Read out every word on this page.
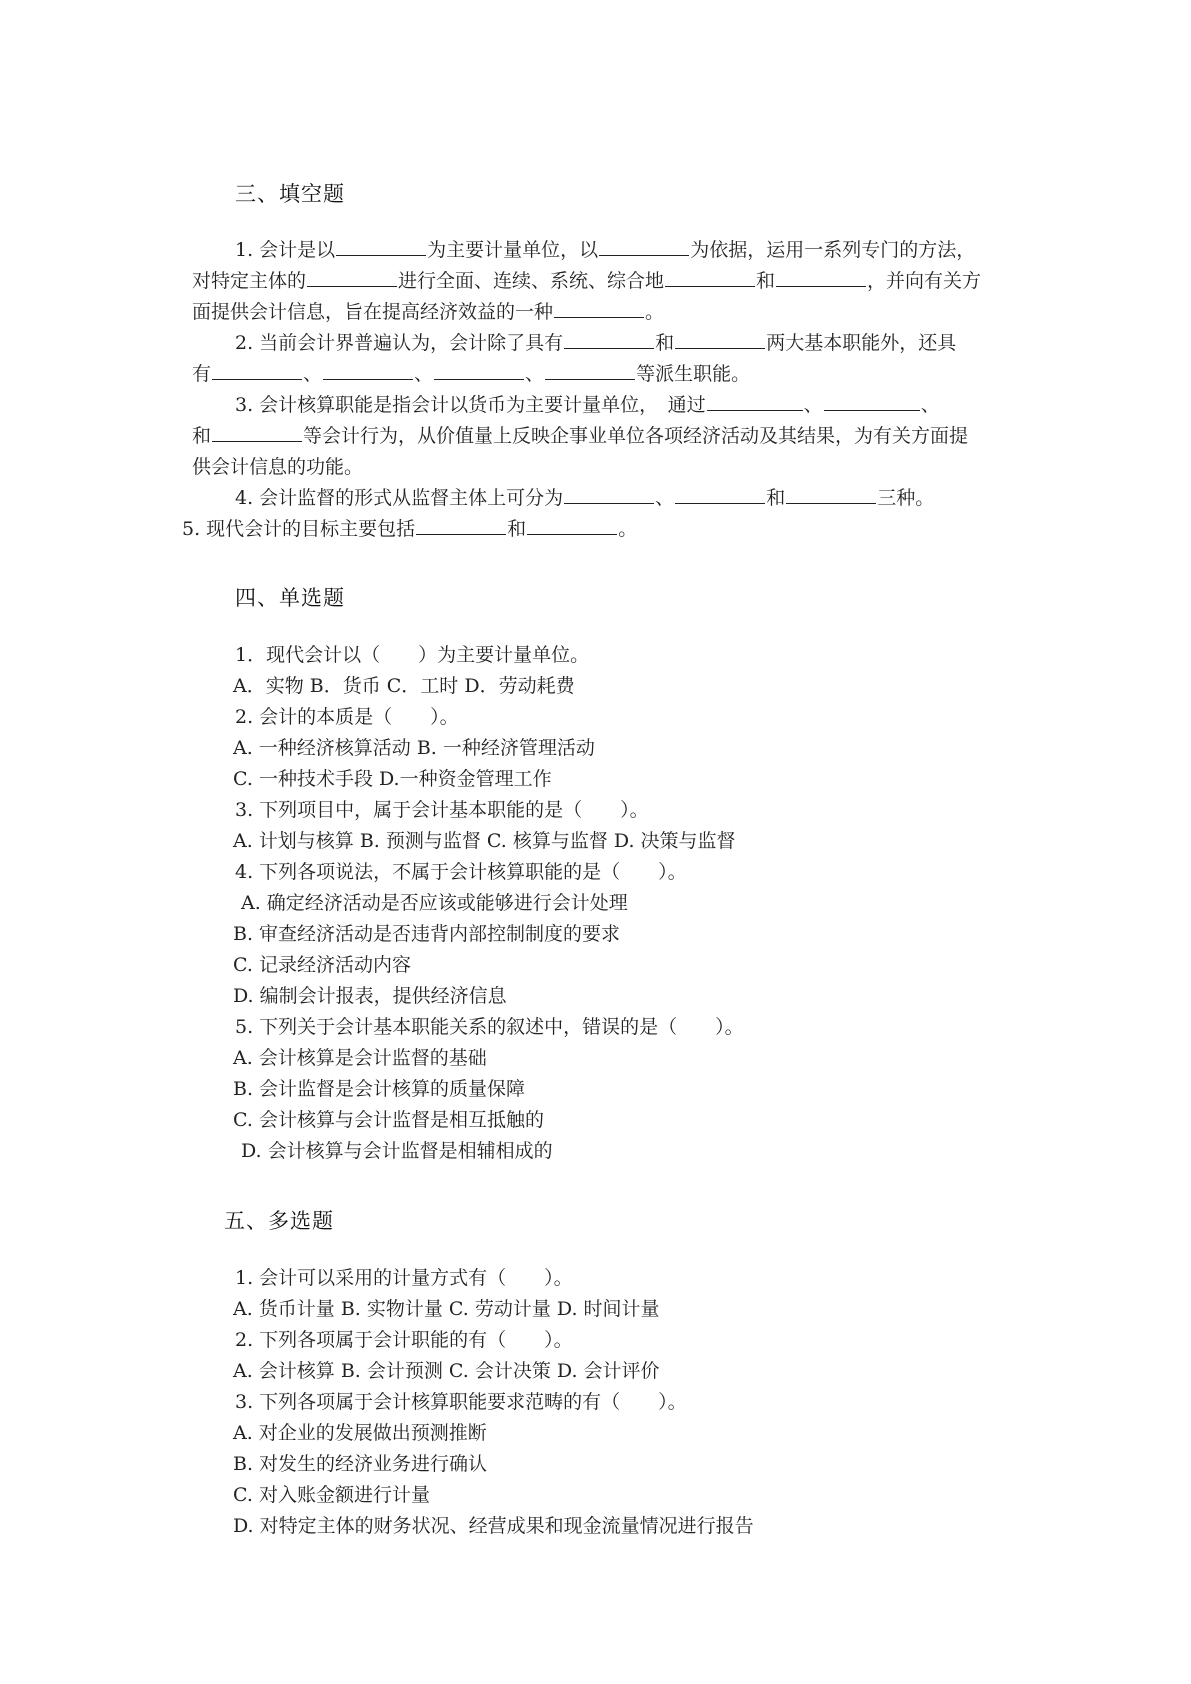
三、填空题
1. 会计是以	为主要计量单位，以	为依据，运用一系列专门的方法，
对特定主体的	进行全面、连续、系统、综合地	和	，并向有关方
面提供会计信息，旨在提高经济效益的一种	。
2. 当前会计界普遍认为，会计除了具有	和	两大基本职能外，还具
有	、	、	、	等派生职能。
3. 会计核算职能是指会计以货币为主要计量单位，　通过	、	、
和	等会计行为，从价值量上反映企事业单位各项经济活动及其结果，为有关方面提
供会计信息的功能。
4. 会计监督的形式从监督主体上可分为	、	和	三种。
5. 现代会计的目标主要包括	和	。
四、单选题
1．现代会计以（　　）为主要计量单位。
A．实物 B．货币 C．工时 D．劳动耗费
2. 会计的本质是（　　）。
A. 一种经济核算活动 B. 一种经济管理活动
C. 一种技术手段 D.一种资金管理工作
3. 下列项目中，属于会计基本职能的是（　　）。
A. 计划与核算 B. 预测与监督 C. 核算与监督 D. 决策与监督
4. 下列各项说法，不属于会计核算职能的是（　　）。
A. 确定经济活动是否应该或能够进行会计处理
B. 审查经济活动是否违背内部控制制度的要求
C. 记录经济活动内容
D. 编制会计报表，提供经济信息
5. 下列关于会计基本职能关系的叙述中，错误的是（　　）。
A. 会计核算是会计监督的基础
B. 会计监督是会计核算的质量保障
C. 会计核算与会计监督是相互抵触的
D. 会计核算与会计监督是相辅相成的
五、多选题
1. 会计可以采用的计量方式有（　　）。
A. 货币计量 B. 实物计量 C. 劳动计量 D. 时间计量
2. 下列各项属于会计职能的有（　　）。
A. 会计核算 B. 会计预测 C. 会计决策 D. 会计评价
3. 下列各项属于会计核算职能要求范畴的有（　　）。
A. 对企业的发展做出预测推断
B. 对发生的经济业务进行确认
C. 对入账金额进行计量
D. 对特定主体的财务状况、经营成果和现金流量情况进行报告
